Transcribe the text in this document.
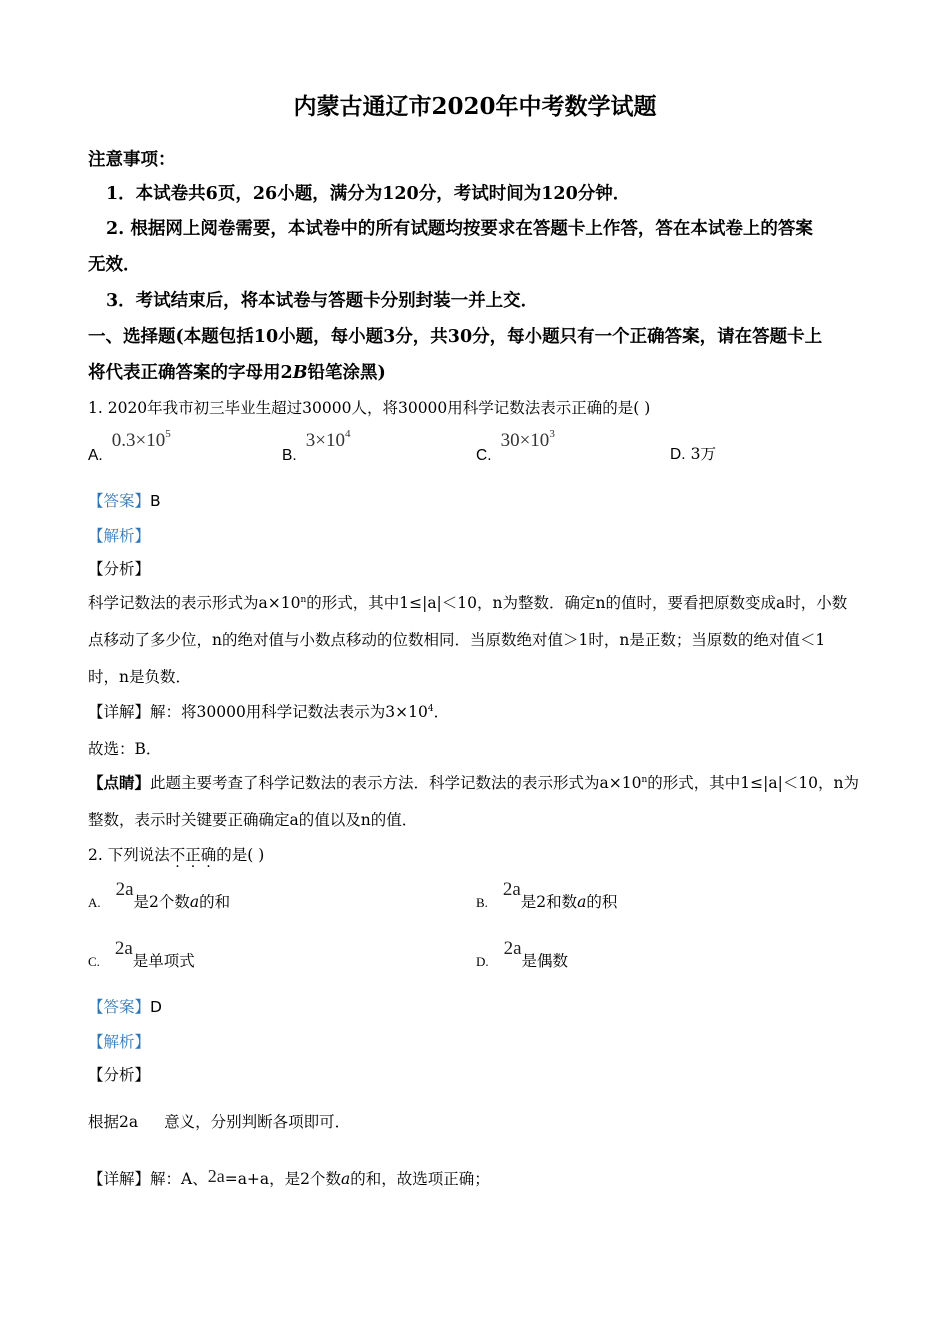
内蒙古通辽市2020年中考数学试题
注意事项：
1．本试卷共6页，26小题，满分为120分，考试时间为120分钟．
2. 根据网上阅卷需要，本试卷中的所有试题均按要求在答题卡上作答，答在本试卷上的答案
无效．
3．考试结束后，将本试卷与答题卡分别封装一并上交．
一、选择题(本题包括10小题，每小题3分，共30分，每小题只有一个正确答案，请在答题卡上
将代表正确答案的字母用2B铅笔涂黑)
1. 2020年我市初三毕业生超过30000人，将30000用科学记数法表示正确的是( )
A. $0.3\times 10^5$
B. $3\times 10^4$
C. $30\times 10^3$
D. 3万
【答案】B
【解析】
【分析】
科学记数法的表示形式为$a\times 10^n$的形式，其中1≤|a|＜10，n为整数．确定n的值时，要看把原数变成a时，小数
点移动了多少位，n的绝对值与小数点移动的位数相同．当原数绝对值＞1时，n是正数；当原数的绝对值＜1
时，n是负数．
【详解】解：将30000用科学记数法表示为$3\times 10^4$．
故选：B．
【点睛】此题主要考查了科学记数法的表示方法．科学记数法的表示形式为$a\times 10^n$的形式，其中1≤|a|＜10，n为
整数，表示时关键要正确确定a的值以及n的值．
2. 下列说法不正确的是( )
A. 2a是2个数a的和	B. 2a是2和数a的积
C. 2a是单项式	D. 2a是偶数
【答案】D
【解析】
【分析】
根据2a 意义，分别判断各项即可．
【详解】解：A、2a=a+a，是2个数a的和，故选项正确；
